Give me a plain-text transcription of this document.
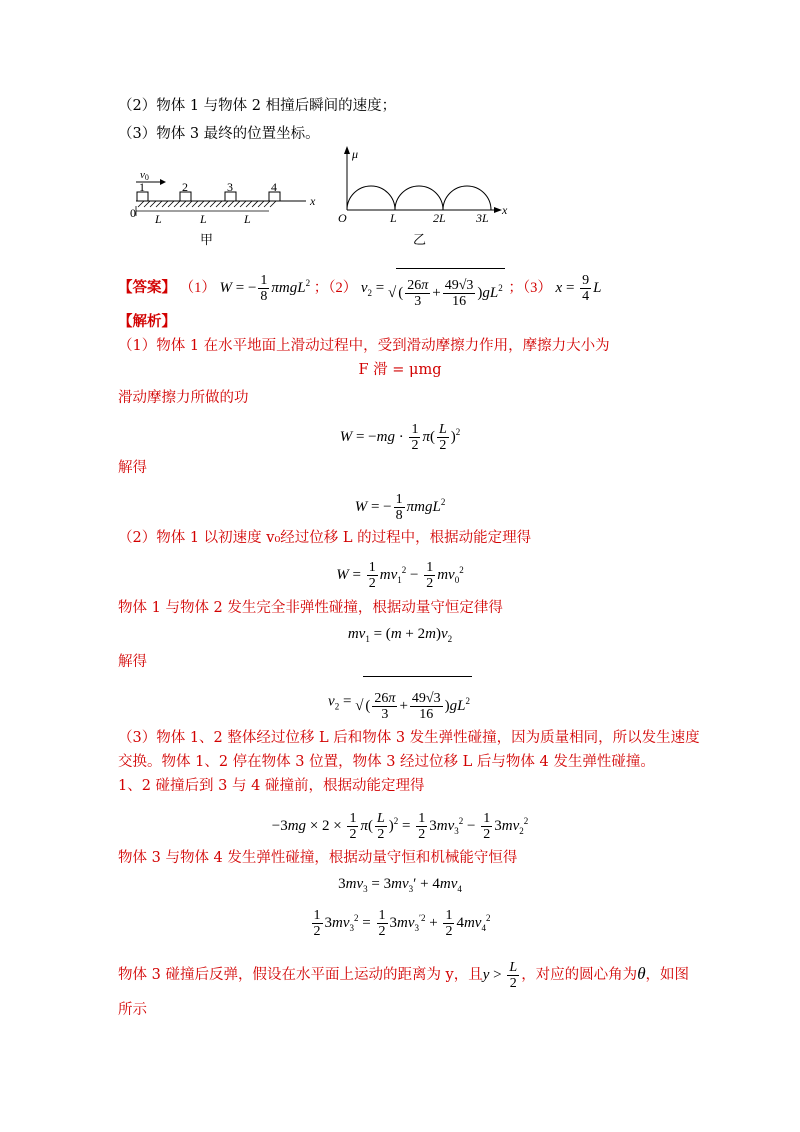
（2）物体 1 与物体 2 相撞后瞬间的速度；
（3）物体 3 最终的位置坐标。
x
1	2	3	4
v0
0 L	L	L
甲
μ
x
O	L	2L	3L
乙
【答案】 （1） W = − $\frac{1}{8} \pi mgL^2$ ；（2） $v_2$ = √ ( $\frac{26\pi}{3} + \frac{49√3}{16} )gL^2$ ；（3） $x = \frac{9}{4}$ L
【解析】
（1）物体 1 在水平地面上滑动过程中，受到滑动摩擦力作用，摩擦力大小为
F 滑 = μmg
滑动摩擦力所做的功
$W = -mg \cdot \frac{1}{2} \pi( \frac{L}{2} )^2$
解得
W = − $\frac{1}{8} \pi mgL^2$
（2）物体 1 以初速度 v₀经过位移 L 的过程中，根据动能定理得
$W = \frac{1}{2} mv_1^2 - \frac{1}{2} mv_0^2$
物体 1 与物体 2 发生完全非弹性碰撞，根据动量守恒定律得
$mv_1 = (m + 2m)v_2$
解得
$v_2$ = √ ( $\frac{26\pi}{3} + \frac{49√3}{16} )gL^2$
（3）物体 1、2 整体经过位移 L 后和物体 3 发生弹性碰撞，因为质量相同，所以发生速度
交换。物体 1、2 停在物体 3 位置，物体 3 经过位移 L 后与物体 4 发生弹性碰撞。
1、2 碰撞后到 3 与 4 碰撞前，根据动能定理得
$-3mg \times 2 \times \frac{1}{2} \pi( \frac{L}{2} )^2 = \frac{1}{2} 3mv_3^2 - \frac{1}{2} 3mv_2^2$
物体 3 与物体 4 发生弹性碰撞，根据动量守恒和机械能守恒得
$3mv_3 = 3mv_3' + 4mv_4$
$\frac{1}{2} 3mv_3^2 = \frac{1}{2} 3mv_3^{'2} + \frac{1}{2} 4mv_4^2$
物体 3 碰撞后反弹，假设在水平面上运动的距离为 y，且$y > \frac{L}{2}$ ，对应的圆心角为θ，如图
所示
